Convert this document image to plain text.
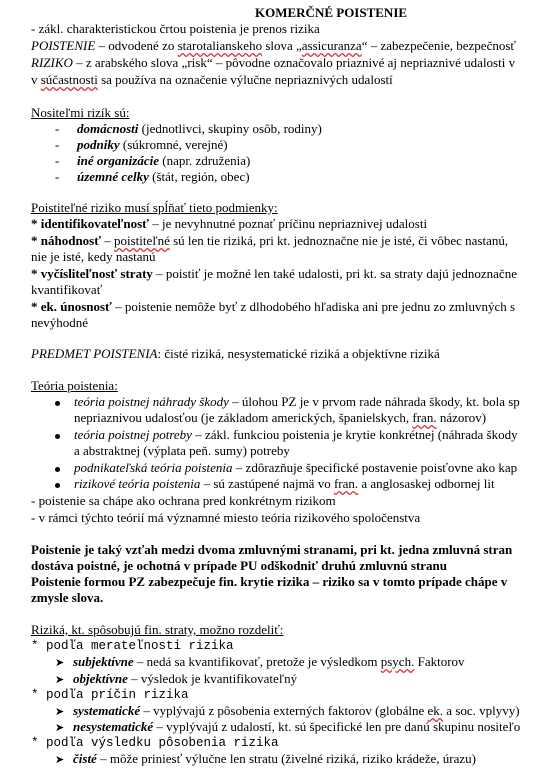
KOMERČNÉ POISTENIE
- zákl. charakteristickou črtou poistenia je prenos rizika
POISTENIE – odvodené zo starotalianskeho slova „assicuranza“ – zabezpečenie, bezpečnosť
RIZIKO – z arabského slova „risk“ – pôvodne označovalo priaznivé aj nepriaznivé udalosti v
v súčastnosti sa používa na označenie výlučne nepriaznivých udalostí
Nositeľmi rizík sú:
- domácnosti (jednotlivci, skupiny osôb, rodiny)
- podniky (súkromné, verejné)
- iné organizácie (napr. združenia)
- územné celky (štát, región, obec)
Poistiteľné riziko musí spĺňať tieto podmienky:
* identifikovateľnosť – je nevyhnutné poznať príčinu nepriaznivej udalosti
* náhodnosť – poistiteľné sú len tie riziká, pri kt. jednoznačne nie je isté, či vôbec nastanú,
nie je isté, kedy nastanú
* vyčísliteľnosť straty – poistiť je možné len také udalosti, pri kt. sa straty dajú jednoznačne
kvantifikovať
* ek. únosnosť – poistenie nemôže byť z dlhodobého hľadiska ani pre jednu zo zmluvných s
nevýhodné
PREDMET POISTENIA: čisté riziká, nesystematické riziká a objektívne riziká
Teória poistenia:
teória poistnej náhrady škody – úlohou PZ je v prvom rade náhrada škody, kt. bola sp
nepriaznivou udalosťou (je základom amerických, španielskych, fran. názorov)
teória poistnej potreby – zákl. funkciou poistenia je krytie konkrétnej (náhrada škody
a abstraktnej (výplata peň. sumy) potreby
podnikateľská teória poistenia – zdôrazňuje špecifické postavenie poisťovne ako kap
rizikové teória poistenia – sú zastúpené najmä vo fran. a anglosaskej odbornej lit
- poistenie sa chápe ako ochrana pred konkrétnym rizikom
- v rámci týchto teórií má významné miesto teória rizikového spoločenstva
Poistenie je taký vzťah medzi dvoma zmluvnými stranami, pri kt. jedna zmluvná stran
dostáva poistné, je ochotná v prípade PU odškodniť druhú zmluvnú stranu
Poistenie formou PZ zabezpečuje fin. krytie rizika – riziko sa v tomto prípade chápe v
zmysle slova.
Riziká, kt. spôsobujú fin. straty, možno rozdeliť:
* podľa merateľnosti rizika
➤ subjektívne – nedá sa kvantifikovať, pretože je výsledkom psych. Faktorov
➤ objektívne – výsledok je kvantifikovateľný
* podľa príčin rizika
➤ systematické – vyplývajú z pôsobenia externých faktorov (globálne ek. a soc. vplyvy)
➤ nesystematické – vyplývajú z udalostí, kt. sú špecifické len pre danú skupinu nositeľo
* podľa výsledku pôsobenia rizika
➤ čisté – môže priniesť výlučne len stratu (živelné riziká, riziko krádeže, úrazu)
